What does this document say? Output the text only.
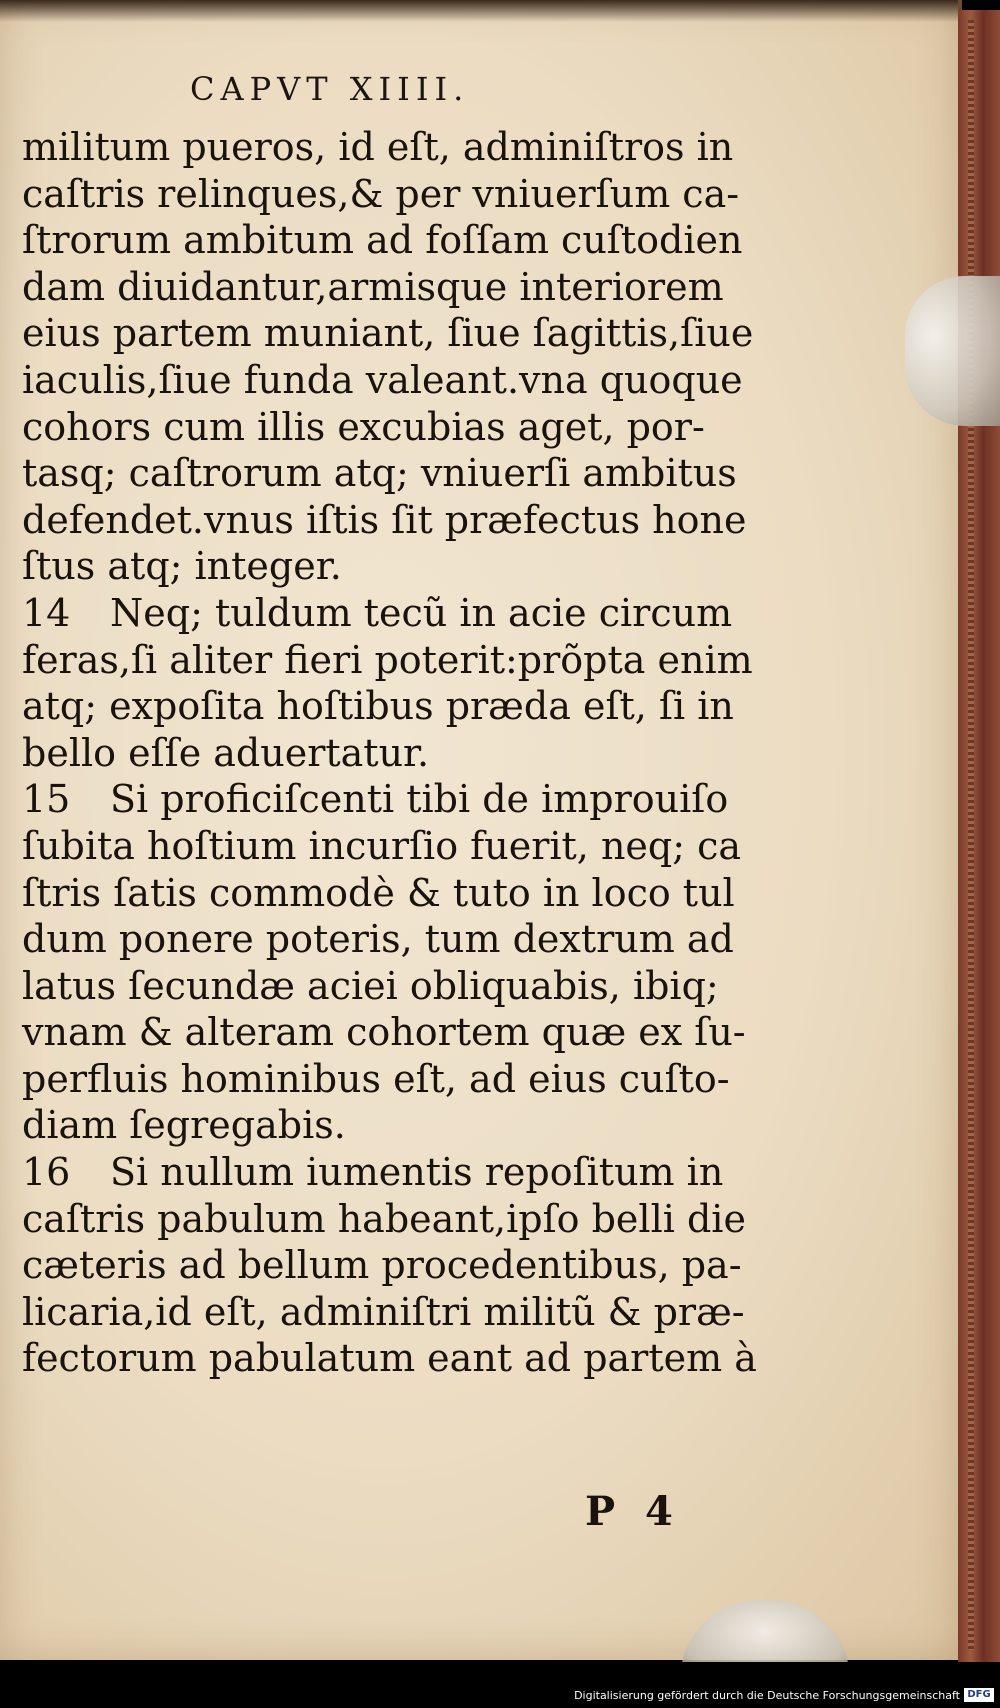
CAPVT XIIII.
militum pueros, id eſt, adminiſtros in
caſtris relinques,& per vniuerſum ca-
ſtrorum ambitum ad foſſam cuſtodien
dam diuidantur,armisque interiorem
eius partem muniant, ſiue ſagittis,ſiue
iaculis,ſiue funda valeant.vna quoque
cohors cum illis excubias aget, por-
tasq; caſtrorum atq; vniuerſi ambitus
defendet.vnus iſtis ſit præfectus hone
ſtus atq; integer.
14 Neq; tuldum tecũ in acie circum
feras,ſi aliter fieri poterit:prõpta enim
atq; expoſita hoſtibus præda eſt, ſi in
bello eſſe aduertatur.
15 Si proficiſcenti tibi de improuiſo
ſubita hoſtium incurſio fuerit, neq; ca
ſtris ſatis commodè & tuto in loco tul
dum ponere poteris, tum dextrum ad
latus ſecundæ aciei obliquabis, ibiq;
vnam & alteram cohortem quæ ex ſu-
perfluis hominibus eſt, ad eius cuſto-
diam ſegregabis.
16 Si nullum iumentis repoſitum in
caſtris pabulum habeant,ipſo belli die
cæteris ad bellum procedentibus, pa-
licaria,id eſt, adminiſtri militũ & præ-
fectorum pabulatum eant ad partem à
P 4
Digitalisierung gefördert durch die Deutsche Forschungsgemeinschaft DFG
